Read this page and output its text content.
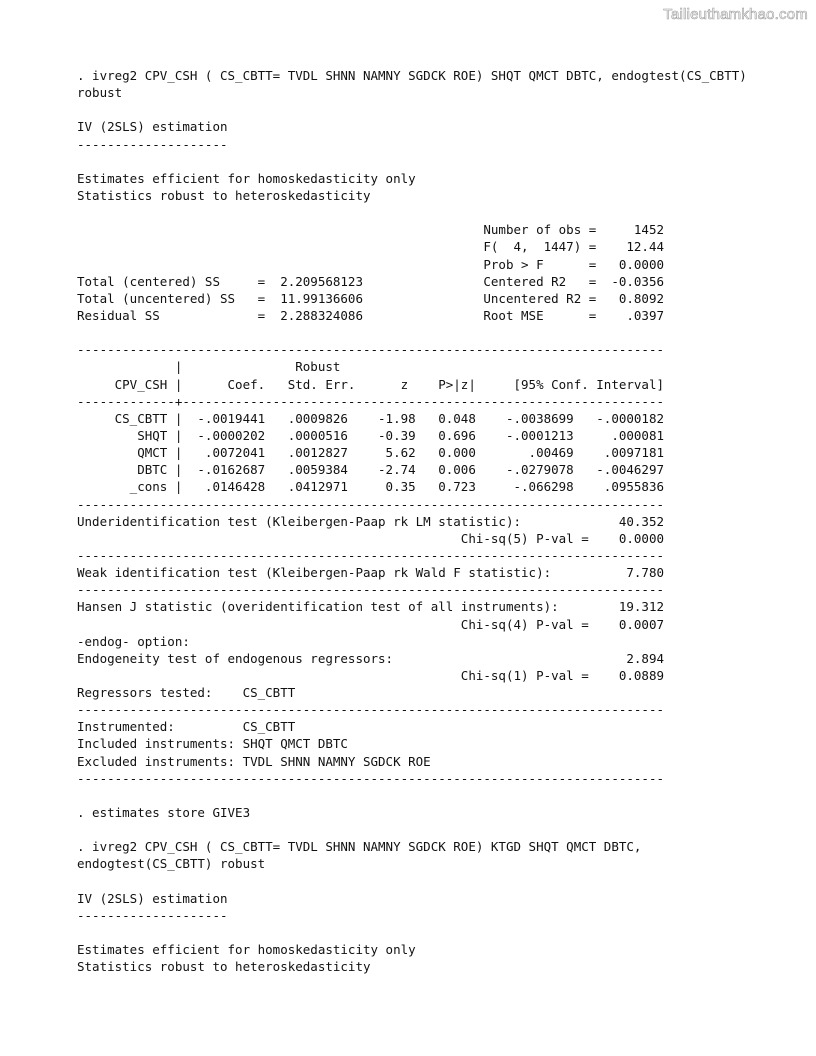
Tailieuthamkhao.com
. ivreg2 CPV_CSH ( CS_CBTT= TVDL SHNN NAMNY SGDCK ROE) SHQT QMCT DBTC, endogtest(CS_CBTT)
robust
IV (2SLS) estimation
--------------------
Estimates efficient for homoskedasticity only
Statistics robust to heteroskedasticity
Number of obs =     1452
F(  4,  1447) =    12.44
Prob > F      =   0.0000
Total (centered) SS     =  2.209568123                Centered R2   =  -0.0356
Total (uncentered) SS   =  11.99136606                Uncentered R2 =   0.8092
Residual SS             =  2.288324086                Root MSE      =    .0397
------------------------------------------------------------------------------
|               Robust
CPV_CSH |      Coef.   Std. Err.      z    P>|z|     [95% Conf. Interval]
-------------+----------------------------------------------------------------
CS_CBTT |  -.0019441   .0009826    -1.98   0.048    -.0038699   -.0000182
SHQT |  -.0000202   .0000516    -0.39   0.696    -.0001213     .000081
QMCT |   .0072041   .0012827     5.62   0.000       .00469    .0097181
DBTC |  -.0162687   .0059384    -2.74   0.006    -.0279078   -.0046297
_cons |   .0146428   .0412971     0.35   0.723     -.066298    .0955836
------------------------------------------------------------------------------
Underidentification test (Kleibergen-Paap rk LM statistic):             40.352
Chi-sq(5) P-val =    0.0000
------------------------------------------------------------------------------
Weak identification test (Kleibergen-Paap rk Wald F statistic):          7.780
------------------------------------------------------------------------------
Hansen J statistic (overidentification test of all instruments):        19.312
Chi-sq(4) P-val =    0.0007
-endog- option:
Endogeneity test of endogenous regressors:                               2.894
Chi-sq(1) P-val =    0.0889
Regressors tested:    CS_CBTT
------------------------------------------------------------------------------
Instrumented:         CS_CBTT
Included instruments: SHQT QMCT DBTC
Excluded instruments: TVDL SHNN NAMNY SGDCK ROE
------------------------------------------------------------------------------
. estimates store GIVE3
. ivreg2 CPV_CSH ( CS_CBTT= TVDL SHNN NAMNY SGDCK ROE) KTGD SHQT QMCT DBTC,
endogtest(CS_CBTT) robust
IV (2SLS) estimation
--------------------
Estimates efficient for homoskedasticity only
Statistics robust to heteroskedasticity
